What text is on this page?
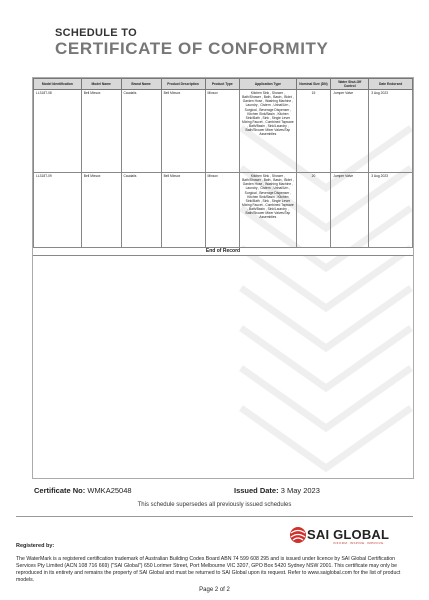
SCHEDULE TO
CERTIFICATE OF CONFORMITY
Model Identification	Model Name	Brand Name	Product Description	Product Type	Application Type	Nominal Size (DN)	Water Shut-Off Control	Date Endorsed
LL318T-08	Bell Mixsox	Caudalis	Bell Mixsox	Mixsox	Kitchen Sink , Shower , Bath/Shower , Bath , Basin , Bidet , Garden Hose , Washing Machine , Laundry , Cistern , Urinal/Urn , Surgical , Beverage Dispenser , Kitchen Sink/Basin , Kitchen Sink/Bath , Sink , Single Lever Mixing Faucet , Combined Tapware , Bath/Basin , Sink/Laundry , Bath/Shower Mixer Valves/Tap Assemblies	15	Jumper Valve	3 Aug 2023
LL318T-09	Bell Mixsox	Caudalis	Bell Mixsox	Mixsox	Kitchen Sink , Shower , Bath/Shower , Bath , Basin , Bidet , Garden Hose , Washing Machine , Laundry , Cistern , Urinal/Urn , Surgical , Beverage Dispenser , Kitchen Sink/Basin , Kitchen Sink/Bath , Sink , Single Lever Mixing Faucet , Combined Tapware , Bath/Basin , Sink/Laundry , Bath/Shower Mixer Valves/Tap Assemblies	20	Jumper Valve	3 Aug 2023
End of Record
Certificate No: WMKA25048	Issued Date: 3 May 2023
This schedule supersedes all previously issued schedules
SAI GLOBAL
INFORM. INSPIRE. IMPROVE.
Registered by:
The WaterMark is a registered certification trademark of Australian Building Codes Board ABN 74 599 608 295 and is issued under licence by SAI Global Certification Services Pty Limited (ACN 108 716 669) ("SAI Global") 650 Lorimer Street, Port Melbourne VIC 3207, GPO Box 5420 Sydney NSW 2001. This certificate may only be reproduced in its entirety and remains the property of SAI Global and must be returned to SAI Global upon its request. Refer to www.saiglobal.com for the list of product models.
Page 2 of 2
